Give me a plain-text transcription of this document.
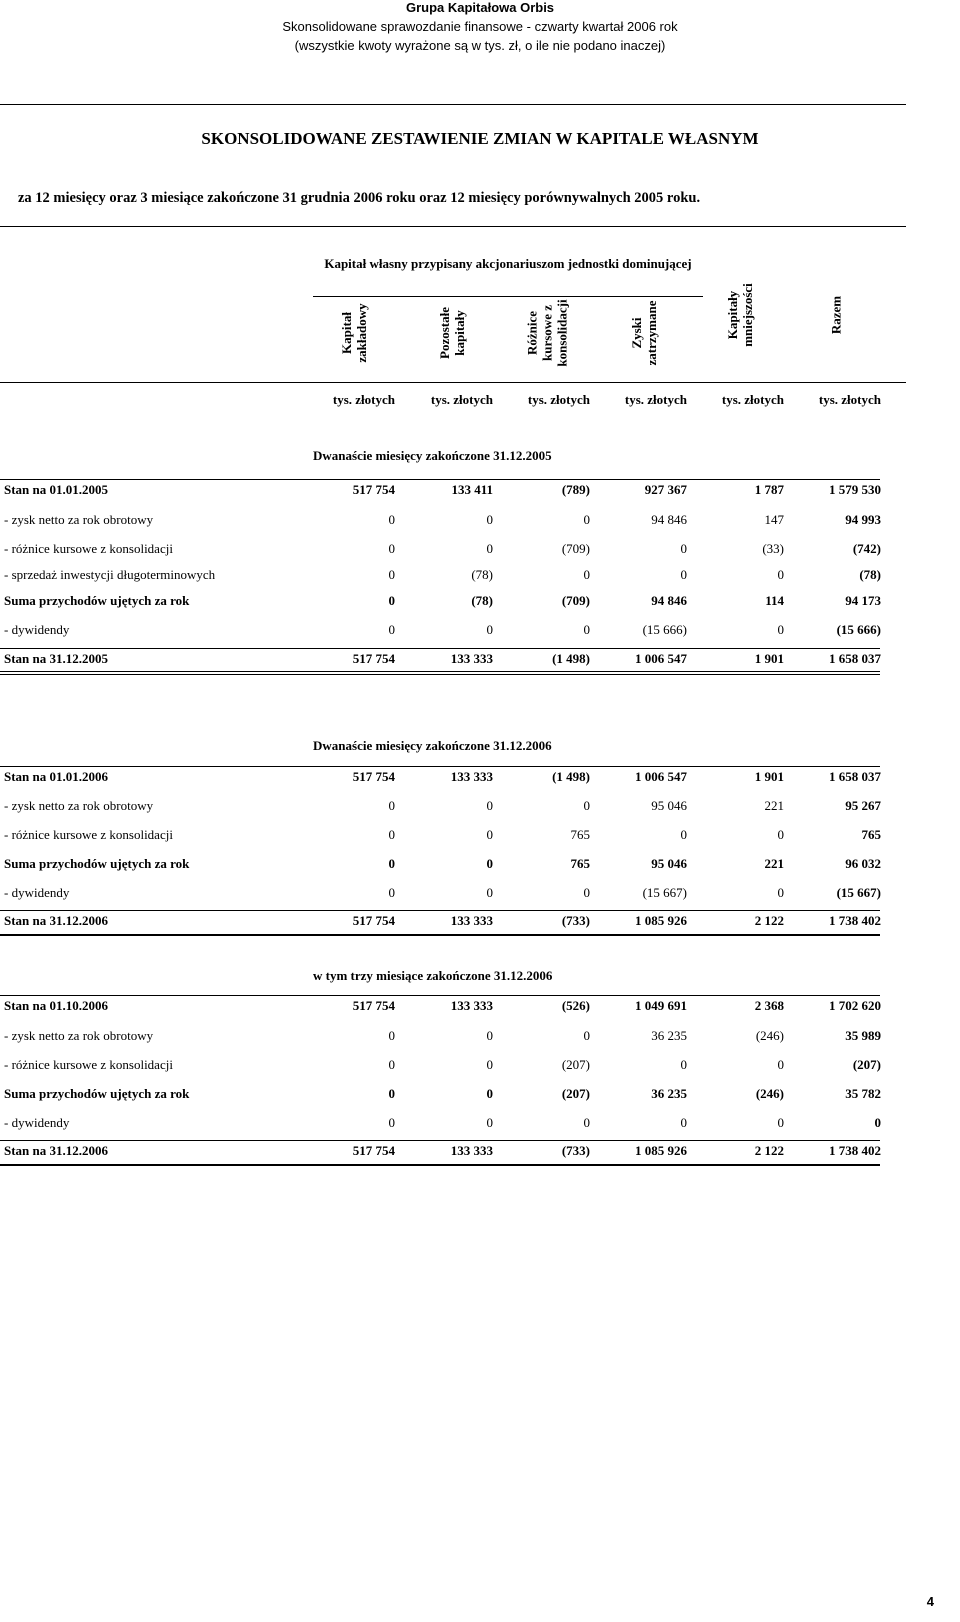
Grupa Kapitałowa Orbis
Skonsolidowane sprawozdanie finansowe - czwarty kwartał 2006 rok
(wszystkie kwoty wyrażone są w tys. zł, o ile nie podano inaczej)
SKONSOLIDOWANE ZESTAWIENIE ZMIAN W KAPITALE WŁASNYM
za 12 miesięcy oraz 3 miesiące zakończone 31 grudnia 2006 roku oraz 12 miesięcy porównywalnych 2005 roku.
Kapitał własny przypisany akcjonariuszom jednostki dominującej
Kapitał zakładowy	Pozostałe kapitały	Różnice kursowe z konsolidacji	Zyski zatrzymane	Kapitały mniejszości	Razem
tys. złotych	tys. złotych	tys. złotych	tys. złotych	tys. złotych	tys. złotych
Dwanaście miesięcy zakończone 31.12.2005
Stan na 01.01.2005	517 754	133 411	(789)	927 367	1 787	1 579 530
- zysk netto za rok obrotowy	0	0	0	94 846	147	94 993
- różnice kursowe z konsolidacji	0	0	(709)	0	(33)	(742)
- sprzedaż inwestycji długoterminowych	0	(78)	0	0	0	(78)
Suma przychodów ujętych za rok	0	(78)	(709)	94 846	114	94 173
- dywidendy	0	0	0	(15 666)	0	(15 666)
Stan na 31.12.2005	517 754	133 333	(1 498)	1 006 547	1 901	1 658 037
Dwanaście miesięcy zakończone 31.12.2006
Stan na 01.01.2006	517 754	133 333	(1 498)	1 006 547	1 901	1 658 037
- zysk netto za rok obrotowy	0	0	0	95 046	221	95 267
- różnice kursowe z konsolidacji	0	0	765	0	0	765
Suma przychodów ujętych za rok	0	0	765	95 046	221	96 032
- dywidendy	0	0	0	(15 667)	0	(15 667)
Stan na 31.12.2006	517 754	133 333	(733)	1 085 926	2 122	1 738 402
w tym trzy miesiące zakończone 31.12.2006
Stan na 01.10.2006	517 754	133 333	(526)	1 049 691	2 368	1 702 620
- zysk netto za rok obrotowy	0	0	0	36 235	(246)	35 989
- różnice kursowe z konsolidacji	0	0	(207)	0	0	(207)
Suma przychodów ujętych za rok	0	0	(207)	36 235	(246)	35 782
- dywidendy	0	0	0	0	0	0
Stan na 31.12.2006	517 754	133 333	(733)	1 085 926	2 122	1 738 402
4
